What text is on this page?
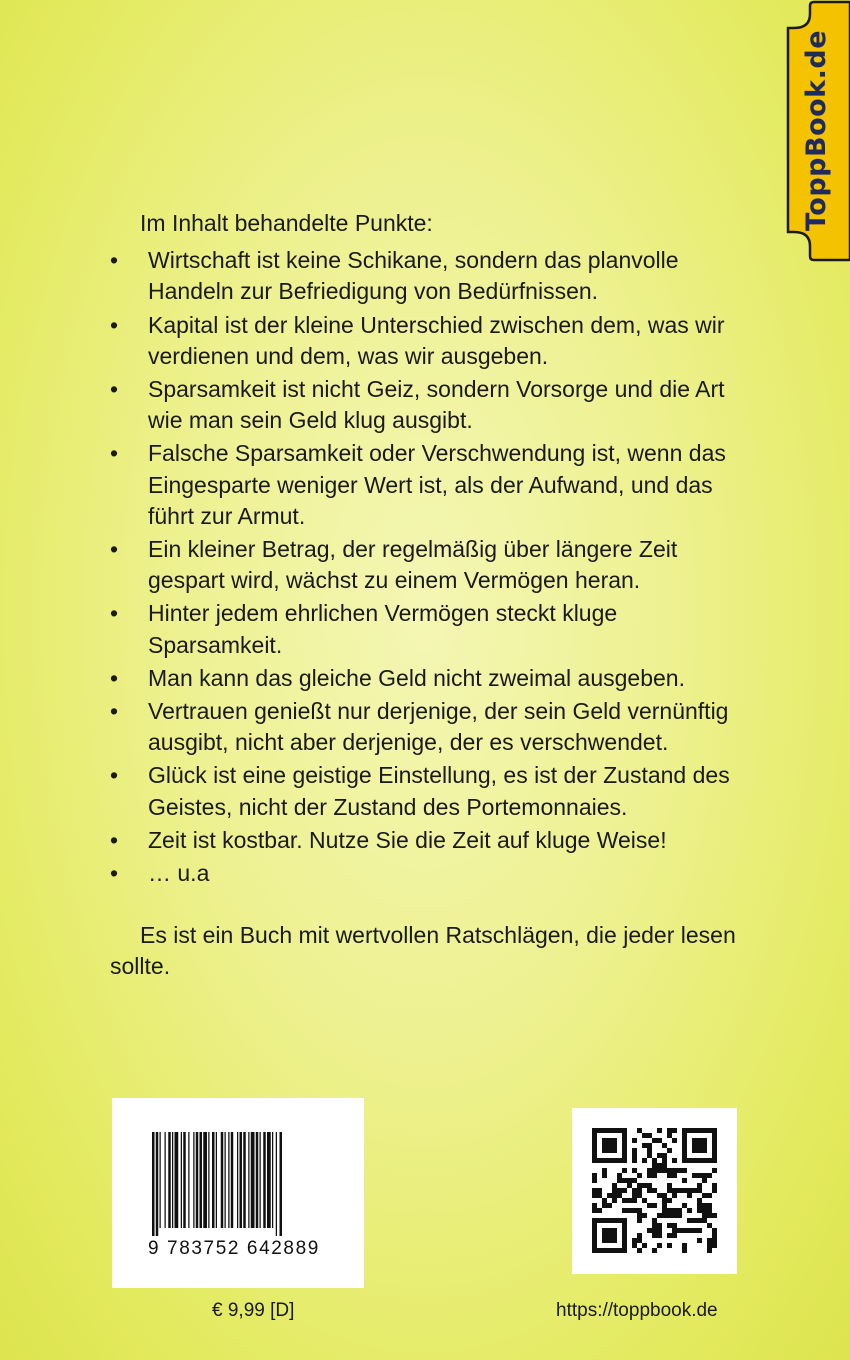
ToppBook.de
Im Inhalt behandelte Punkte:
• Wirtschaft ist keine Schikane, sondern das planvolle Handeln zur Befriedigung von Bedürfnissen.
• Kapital ist der kleine Unterschied zwischen dem, was wir verdienen und dem, was wir ausgeben.
• Sparsamkeit ist nicht Geiz, sondern Vorsorge und die Art wie man sein Geld klug ausgibt.
• Falsche Sparsamkeit oder Verschwendung ist, wenn das Eingesparte weniger Wert ist, als der Aufwand, und das führt zur Armut.
• Ein kleiner Betrag, der regelmäßig über längere Zeit gespart wird, wächst zu einem Vermögen heran.
• Hinter jedem ehrlichen Vermögen steckt kluge Sparsamkeit.
• Man kann das gleiche Geld nicht zweimal ausgeben.
• Vertrauen genießt nur derjenige, der sein Geld vernünftig ausgibt, nicht aber derjenige, der es verschwendet.
• Glück ist eine geistige Einstellung, es ist der Zustand des Geistes, nicht der Zustand des Portemonnaies.
• Zeit ist kostbar. Nutze Sie die Zeit auf kluge Weise!
• … u.a
Es ist ein Buch mit wertvollen Ratschlägen, die jeder lesen sollte.
9 783752 642889
€ 9,99 [D]	https://toppbook.de
